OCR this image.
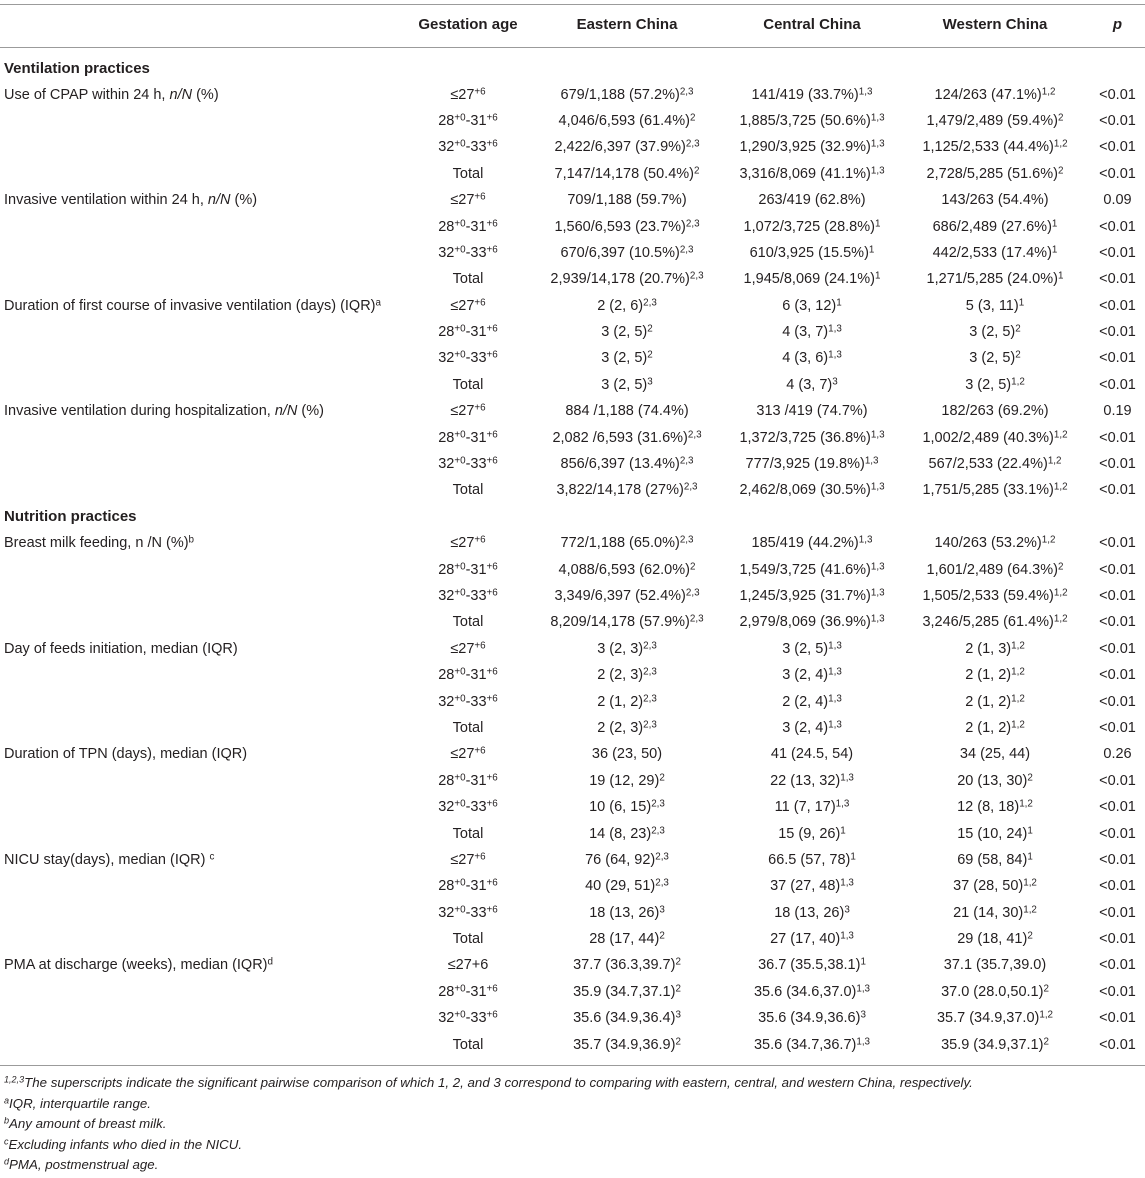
Gestation age	Eastern China	Central China	Western China	p
Ventilation practices
Use of CPAP within 24 h, n/N (%)	$\le 27^{+6}$	679/1,188 $(57.2\%)^{2,3}$	141/419 $(33.7\%)^{1,3}$	124/263 $(47.1\%)^{1,2}$	<0.01
$28^{+0}-31^{+6}$	4,046/6,593 $(61.4\%)^2$	1,885/3,725 $(50.6\%)^{1,3}$	1,479/2,489 $(59.4\%)^2$	<0.01
$32^{+0}-33^{+6}$	2,422/6,397 $(37.9\%)^{2,3}$	1,290/3,925 $(32.9\%)^{1,3}$	1,125/2,533 $(44.4\%)^{1,2}$	<0.01
Total	7,147/14,178 $(50.4\%)^2$	3,316/8,069 $(41.1\%)^{1,3}$	2,728/5,285 $(51.6\%)^2$	<0.01
Invasive ventilation within 24 h, n/N (%)	$\le 27^{+6}$	709/1,188 (59.7%)	263/419 (62.8%)	143/263 (54.4%)	0.09
$28^{+0}-31^{+6}$	1,560/6,593 $(23.7\%)^{2,3}$	1,072/3,725 $(28.8\%)^1$	686/2,489 $(27.6\%)^1$	<0.01
$32^{+0}-33^{+6}$	670/6,397 $(10.5\%)^{2,3}$	610/3,925 $(15.5\%)^1$	442/2,533 $(17.4\%)^1$	<0.01
Total	2,939/14,178 $(20.7\%)^{2,3}$	1,945/8,069 $(24.1\%)^1$	1,271/5,285 $(24.0\%)^1$	<0.01
Duration of first course of invasive ventilation (days) (IQR)$^a$	$\le 27^{+6}$	2 (2, 6)$^{2,3}$	6 (3, 12)$^1$	5 (3, 11)$^1$	<0.01
$28^{+0}-31^{+6}$	3 (2, 5)$^2$	4 (3, 7)$^{1,3}$	3 (2, 5)$^2$	<0.01
$32^{+0}-33^{+6}$	3 (2, 5)$^2$	4 (3, 6)$^{1,3}$	3 (2, 5)$^2$	<0.01
Total	3 (2, 5)$^3$	4 (3, 7)$^3$	3 (2, 5)$^{1,2}$	<0.01
Invasive ventilation during hospitalization, n/N (%)	$\le 27^{+6}$	884 /1,188 (74.4%)	313 /419 (74.7%)	182/263 (69.2%)	0.19
$28^{+0}-31^{+6}$	2,082 /6,593 $(31.6\%)^{2,3}$	1,372/3,725 $(36.8\%)^{1,3}$	1,002/2,489 $(40.3\%)^{1,2}$	<0.01
$32^{+0}-33^{+6}$	856/6,397 $(13.4\%)^{2,3}$	777/3,925 $(19.8\%)^{1,3}$	567/2,533 $(22.4\%)^{1,2}$	<0.01
Total	3,822/14,178 $(27\%)^{2,3}$	2,462/8,069 $(30.5\%)^{1,3}$	1,751/5,285 $(33.1\%)^{1,2}$	<0.01
Nutrition practices
Breast milk feeding, n /N (%)$^b$	$\le 27^{+6}$	772/1,188 $(65.0\%)^{2,3}$	185/419 $(44.2\%)^{1,3}$	140/263 $(53.2\%)^{1,2}$	<0.01
$28^{+0}-31^{+6}$	4,088/6,593 $(62.0\%)^2$	1,549/3,725 $(41.6\%)^{1,3}$	1,601/2,489 $(64.3\%)^2$	<0.01
$32^{+0}-33^{+6}$	3,349/6,397 $(52.4\%)^{2,3}$	1,245/3,925 $(31.7\%)^{1,3}$	1,505/2,533 $(59.4\%)^{1,2}$	<0.01
Total	8,209/14,178 $(57.9\%)^{2,3}$	2,979/8,069 $(36.9\%)^{1,3}$	3,246/5,285 $(61.4\%)^{1,2}$	<0.01
Day of feeds initiation, median (IQR)	$\le 27^{+6}$	3 (2, 3)$^{2,3}$	3 (2, 5)$^{1,3}$	2 (1, 3)$^{1,2}$	<0.01
$28^{+0}-31^{+6}$	2 (2, 3)$^{2,3}$	3 (2, 4)$^{1,3}$	2 (1, 2)$^{1,2}$	<0.01
$32^{+0}-33^{+6}$	2 (1, 2)$^{2,3}$	2 (2, 4)$^{1,3}$	2 (1, 2)$^{1,2}$	<0.01
Total	2 (2, 3)$^{2,3}$	3 (2, 4)$^{1,3}$	2 (1, 2)$^{1,2}$	<0.01
Duration of TPN (days), median (IQR)	$\le 27^{+6}$	36 (23, 50)	41 (24.5, 54)	34 (25, 44)	0.26
$28^{+0}-31^{+6}$	19 (12, 29)$^2$	22 (13, 32)$^{1,3}$	20 (13, 30)$^2$	<0.01
$32^{+0}-33^{+6}$	10 (6, 15)$^{2,3}$	11 (7, 17)$^{1,3}$	12 (8, 18)$^{1,2}$	<0.01
Total	14 (8, 23)$^{2,3}$	15 (9, 26)$^1$	15 (10, 24)$^1$	<0.01
NICU stay(days), median (IQR) $^c$	$\le 27^{+6}$	76 (64, 92)$^{2,3}$	66.5 (57, 78)$^1$	69 (58, 84)$^1$	<0.01
$28^{+0}-31^{+6}$	40 (29, 51)$^{2,3}$	37 (27, 48)$^{1,3}$	37 (28, 50)$^{1,2}$	<0.01
$32^{+0}-33^{+6}$	18 (13, 26)$^3$	18 (13, 26)$^3$	21 (14, 30)$^{1,2}$	<0.01
Total	28 (17, 44)$^2$	27 (17, 40)$^{1,3}$	29 (18, 41)$^2$	<0.01
PMA at discharge (weeks), median (IQR)$^d$	≤27+6	37.7 $(36.3,39.7)^2$	36.7 $(35.5,38.1)^1$	37.1 (35.7,39.0)	<0.01
$28^{+0}-31^{+6}$	35.9 $(34.7,37.1)^2$	35.6 $(34.6,37.0)^{1,3}$	37.0 $(28.0,50.1)^2$	<0.01
$32^{+0}-33^{+6}$	35.6 $(34.9,36.4)^3$	35.6 $(34.9,36.6)^3$	35.7 $(34.9,37.0)^{1,2}$	<0.01
Total	35.7 $(34.9,36.9)^2$	35.6 $(34.7,36.7)^{1,3}$	35.9 $(34.9,37.1)^2$	<0.01
$^{1,2,3}$The superscripts indicate the significant pairwise comparison of which 1, 2, and 3 correspond to comparing with eastern, central, and western China, respectively.
$^a$IQR, interquartile range.
$^b$Any amount of breast milk.
$^c$Excluding infants who died in the NICU.
$^d$PMA, postmenstrual age.
